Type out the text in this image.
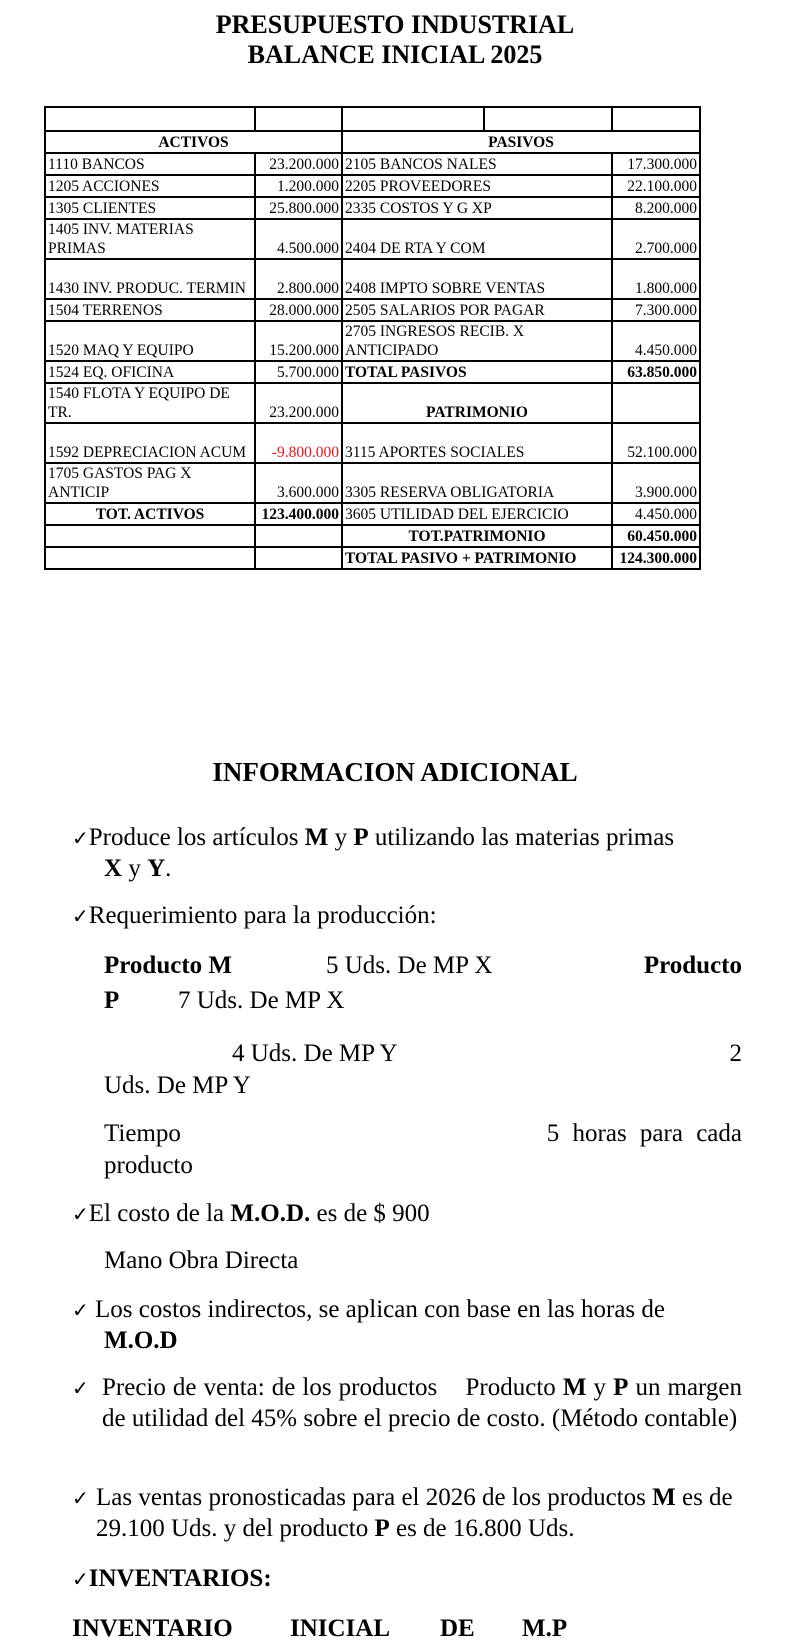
PRESUPUESTO INDUSTRIAL
BALANCE INICIAL 2025

ACTIVOS	PASIVOS
1110 BANCOS	23.200.000	2105 BANCOS NALES	17.300.000
1205 ACCIONES	1.200.000	2205 PROVEEDORES	22.100.000
1305 CLIENTES	25.800.000	2335 COSTOS Y G XP	8.200.000
1405 INV. MATERIAS PRIMAS	4.500.000	2404 DE RTA Y COM	2.700.000
1430 INV. PRODUC. TERMIN	2.800.000	2408 IMPTO SOBRE VENTAS	1.800.000
1504 TERRENOS	28.000.000	2505 SALARIOS POR PAGAR	7.300.000
1520 MAQ Y EQUIPO	15.200.000	2705 INGRESOS RECIB. X ANTICIPADO	4.450.000
1524 EQ. OFICINA	5.700.000	TOTAL PASIVOS	63.850.000
1540 FLOTA Y EQUIPO DE TR.	23.200.000	PATRIMONIO	
1592 DEPRECIACION ACUM	-9.800.000	3115 APORTES SOCIALES	52.100.000
1705 GASTOS PAG X ANTICIP	3.600.000	3305 RESERVA OBLIGATORIA	3.900.000
TOT. ACTIVOS	123.400.000	3605 UTILIDAD DEL EJERCICIO	4.450.000
		TOT.PATRIMONIO	60.450.000
		TOTAL PASIVO + PATRIMONIO	124.300.000
INFORMACION ADICIONAL
✓Produce los artículos M y P utilizando las materias primas
X y Y.
✓Requerimiento para la producción:
Producto M	5 Uds. De MP X	Producto
P 7 Uds. De MP X
4 Uds. De MP Y	2
Uds. De MP Y
Tiempo	5 horas para cada
producto
✓El costo de la M.O.D. es de $ 900
Mano Obra Directa
✓ Los costos indirectos, se aplican con base en las horas de
M.O.D
✓ Precio de venta: de los productos    Producto M y P un margen de utilidad del 45% sobre el precio de costo. (Método contable)
✓ Las ventas pronosticadas para el 2026 de los productos M es de 29.100 Uds. y del producto P es de 16.800 Uds.
✓INVENTARIOS:
INVENTARIO INICIAL DE M.P
